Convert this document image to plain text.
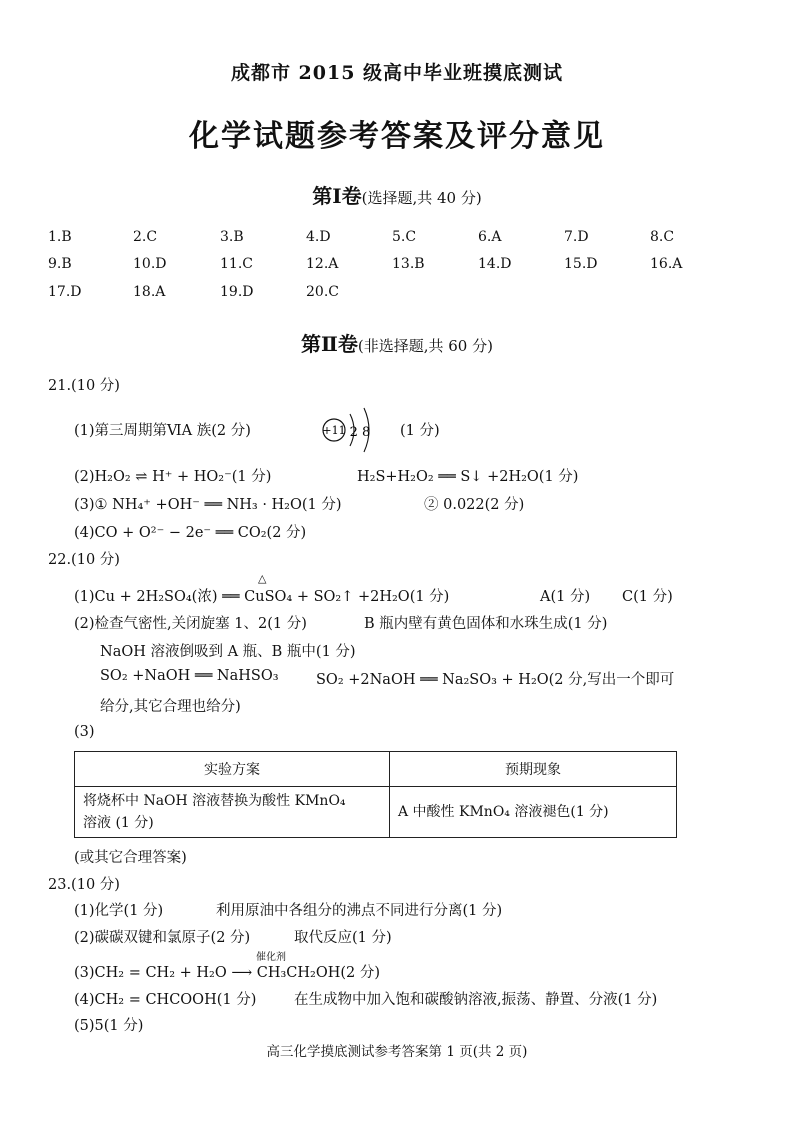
成都市 2015 级高中毕业班摸底测试
化学试题参考答案及评分意见
第Ⅰ卷(选择题,共 40 分)
1.B	2.C	3.B	4.D	5.C	6.A	7.D	8.C
9.B	10.D	11.C	12.A	13.B	14.D	15.D	16.A
17.D	18.A	19.D	20.C
第Ⅱ卷(非选择题,共 60 分)
21.(10 分)
(1)第三周期第ⅥA 族(2 分)	+11 2 8 (1 分)
(2)H₂O₂ ⇌ H⁺ + HO₂⁻(1 分)	H₂S+H₂O₂ ══ S↓ +2H₂O(1 分)
(3)① NH₄⁺ +OH⁻ ══ NH₃ · H₂O(1 分)	② 0.022(2 分)
(4)CO + O²⁻ − 2e⁻ ══ CO₂(2 分)
22.(10 分)
△
(1)Cu + 2H₂SO₄(浓) ══ CuSO₄ + SO₂↑ +2H₂O(1 分)	A(1 分) C(1 分)
(2)检查气密性,关闭旋塞 1、2(1 分)	B 瓶内壁有黄色固体和水珠生成(1 分)
NaOH 溶液倒吸到 A 瓶、B 瓶中(1 分)
SO₂ +NaOH ══ NaHSO₃	SO₂ +2NaOH ══ Na₂SO₃ + H₂O(2 分,写出一个即可
给分,其它合理也给分)
(3)
实验方案	预期现象

将烧杯中 NaOH 溶液替换为酸性 KMnO₄
溶液 (1 分)	A 中酸性 KMnO₄ 溶液褪色(1 分)
(或其它合理答案)
23.(10 分)
(1)化学(1 分)	利用原油中各组分的沸点不同进行分离(1 分)
(2)碳碳双键和氯原子(2 分)	取代反应(1 分)
催化剂
(3)CH₂ = CH₂ + H₂O ⟶ CH₃CH₂OH(2 分)
(4)CH₂ = CHCOOH(1 分)	在生成物中加入饱和碳酸钠溶液,振荡、静置、分液(1 分)
(5)5(1 分)
高三化学摸底测试参考答案第 1 页(共 2 页)
